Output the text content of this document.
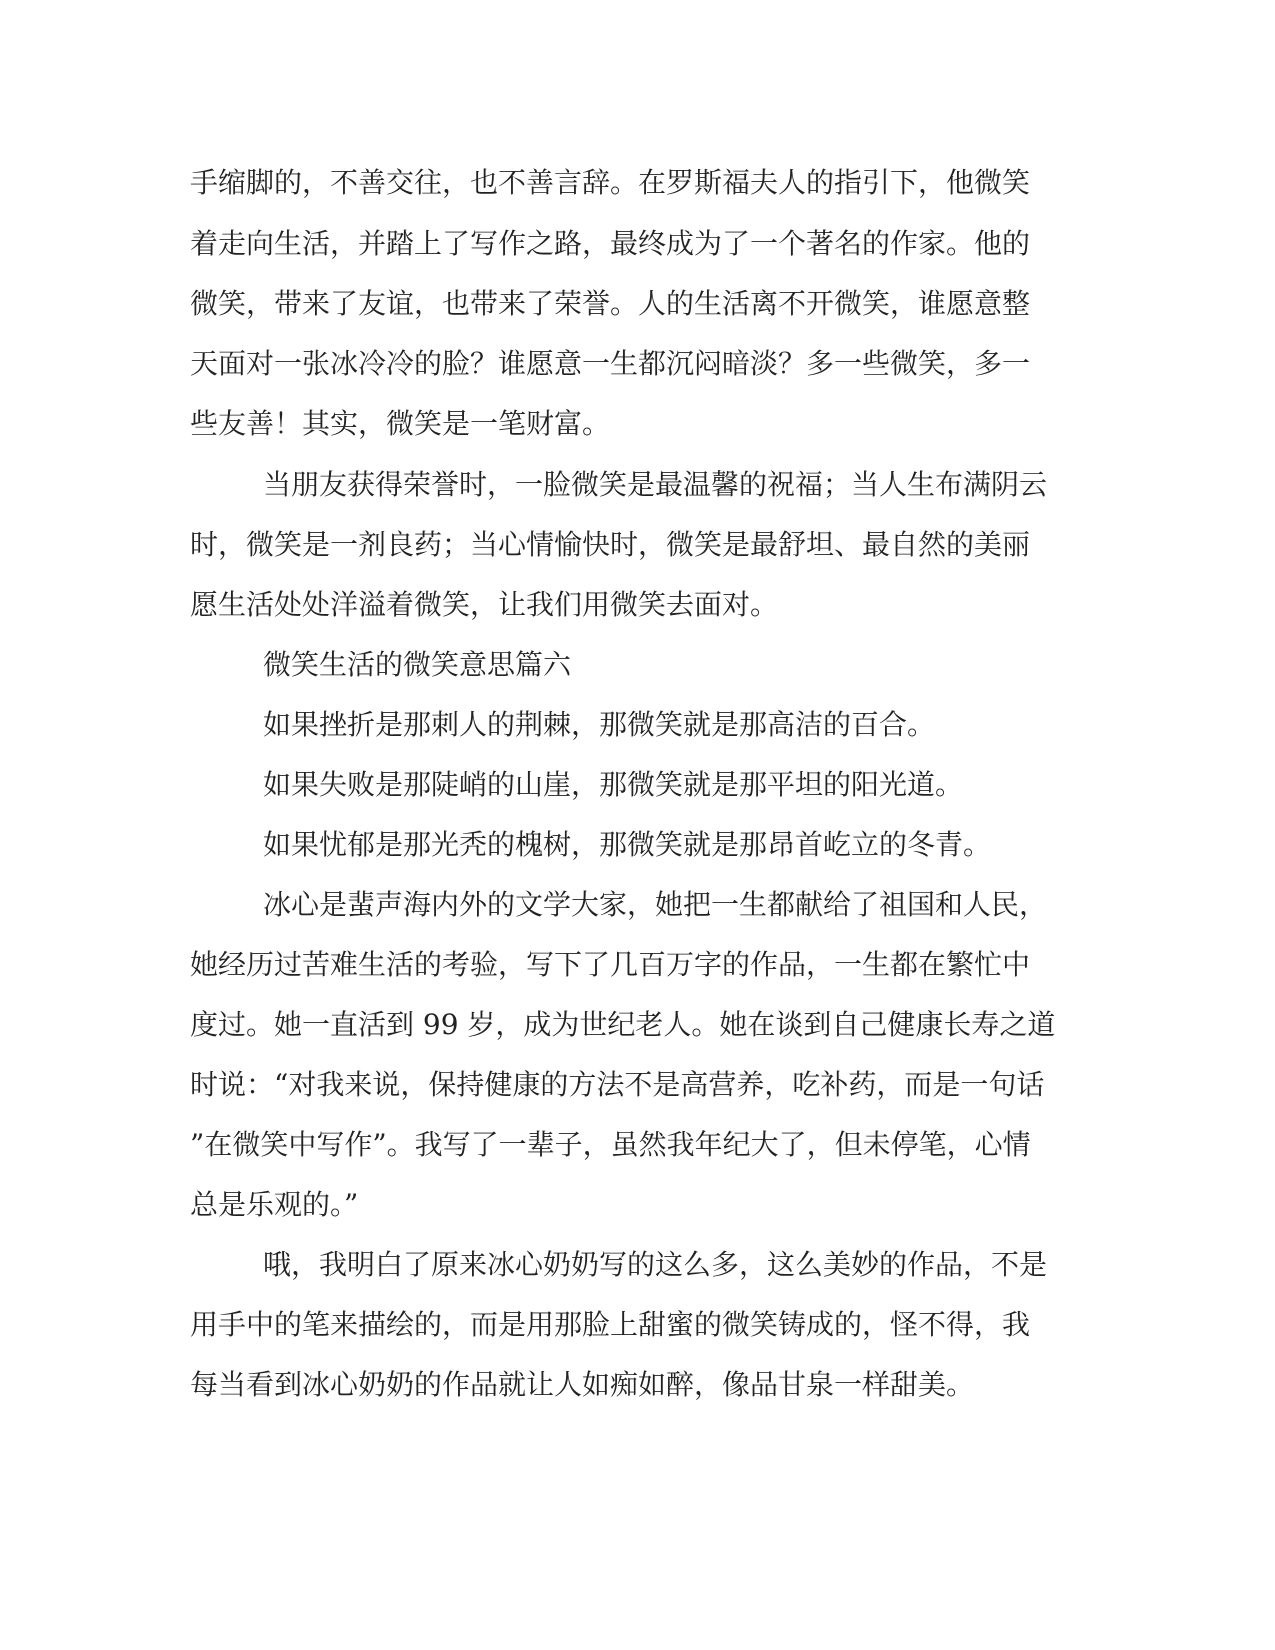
手缩脚的，不善交往，也不善言辞。在罗斯福夫人的指引下，他微笑
着走向生活，并踏上了写作之路，最终成为了一个著名的作家。他的
微笑，带来了友谊，也带来了荣誉。人的生活离不开微笑，谁愿意整
天面对一张冰冷冷的脸？谁愿意一生都沉闷暗淡？多一些微笑，多一
些友善！其实，微笑是一笔财富。
当朋友获得荣誉时，一脸微笑是最温馨的祝福；当人生布满阴云
时，微笑是一剂良药；当心情愉快时，微笑是最舒坦、最自然的美丽
愿生活处处洋溢着微笑，让我们用微笑去面对。
微笑生活的微笑意思篇六
如果挫折是那刺人的荆棘，那微笑就是那高洁的百合。
如果失败是那陡峭的山崖，那微笑就是那平坦的阳光道。
如果忧郁是那光秃的槐树，那微笑就是那昂首屹立的冬青。
冰心是蜚声海内外的文学大家，她把一生都献给了祖国和人民，
她经历过苦难生活的考验，写下了几百万字的作品，一生都在繁忙中
度过。她一直活到 99 岁，成为世纪老人。她在谈到自己健康长寿之道
时说：“对我来说，保持健康的方法不是高营养，吃补药，而是一句话
”在微笑中写作”。我写了一辈子，虽然我年纪大了，但未停笔，心情
总是乐观的。”
哦，我明白了原来冰心奶奶写的这么多，这么美妙的作品，不是
用手中的笔来描绘的，而是用那脸上甜蜜的微笑铸成的，怪不得，我
每当看到冰心奶奶的作品就让人如痴如醉，像品甘泉一样甜美。
